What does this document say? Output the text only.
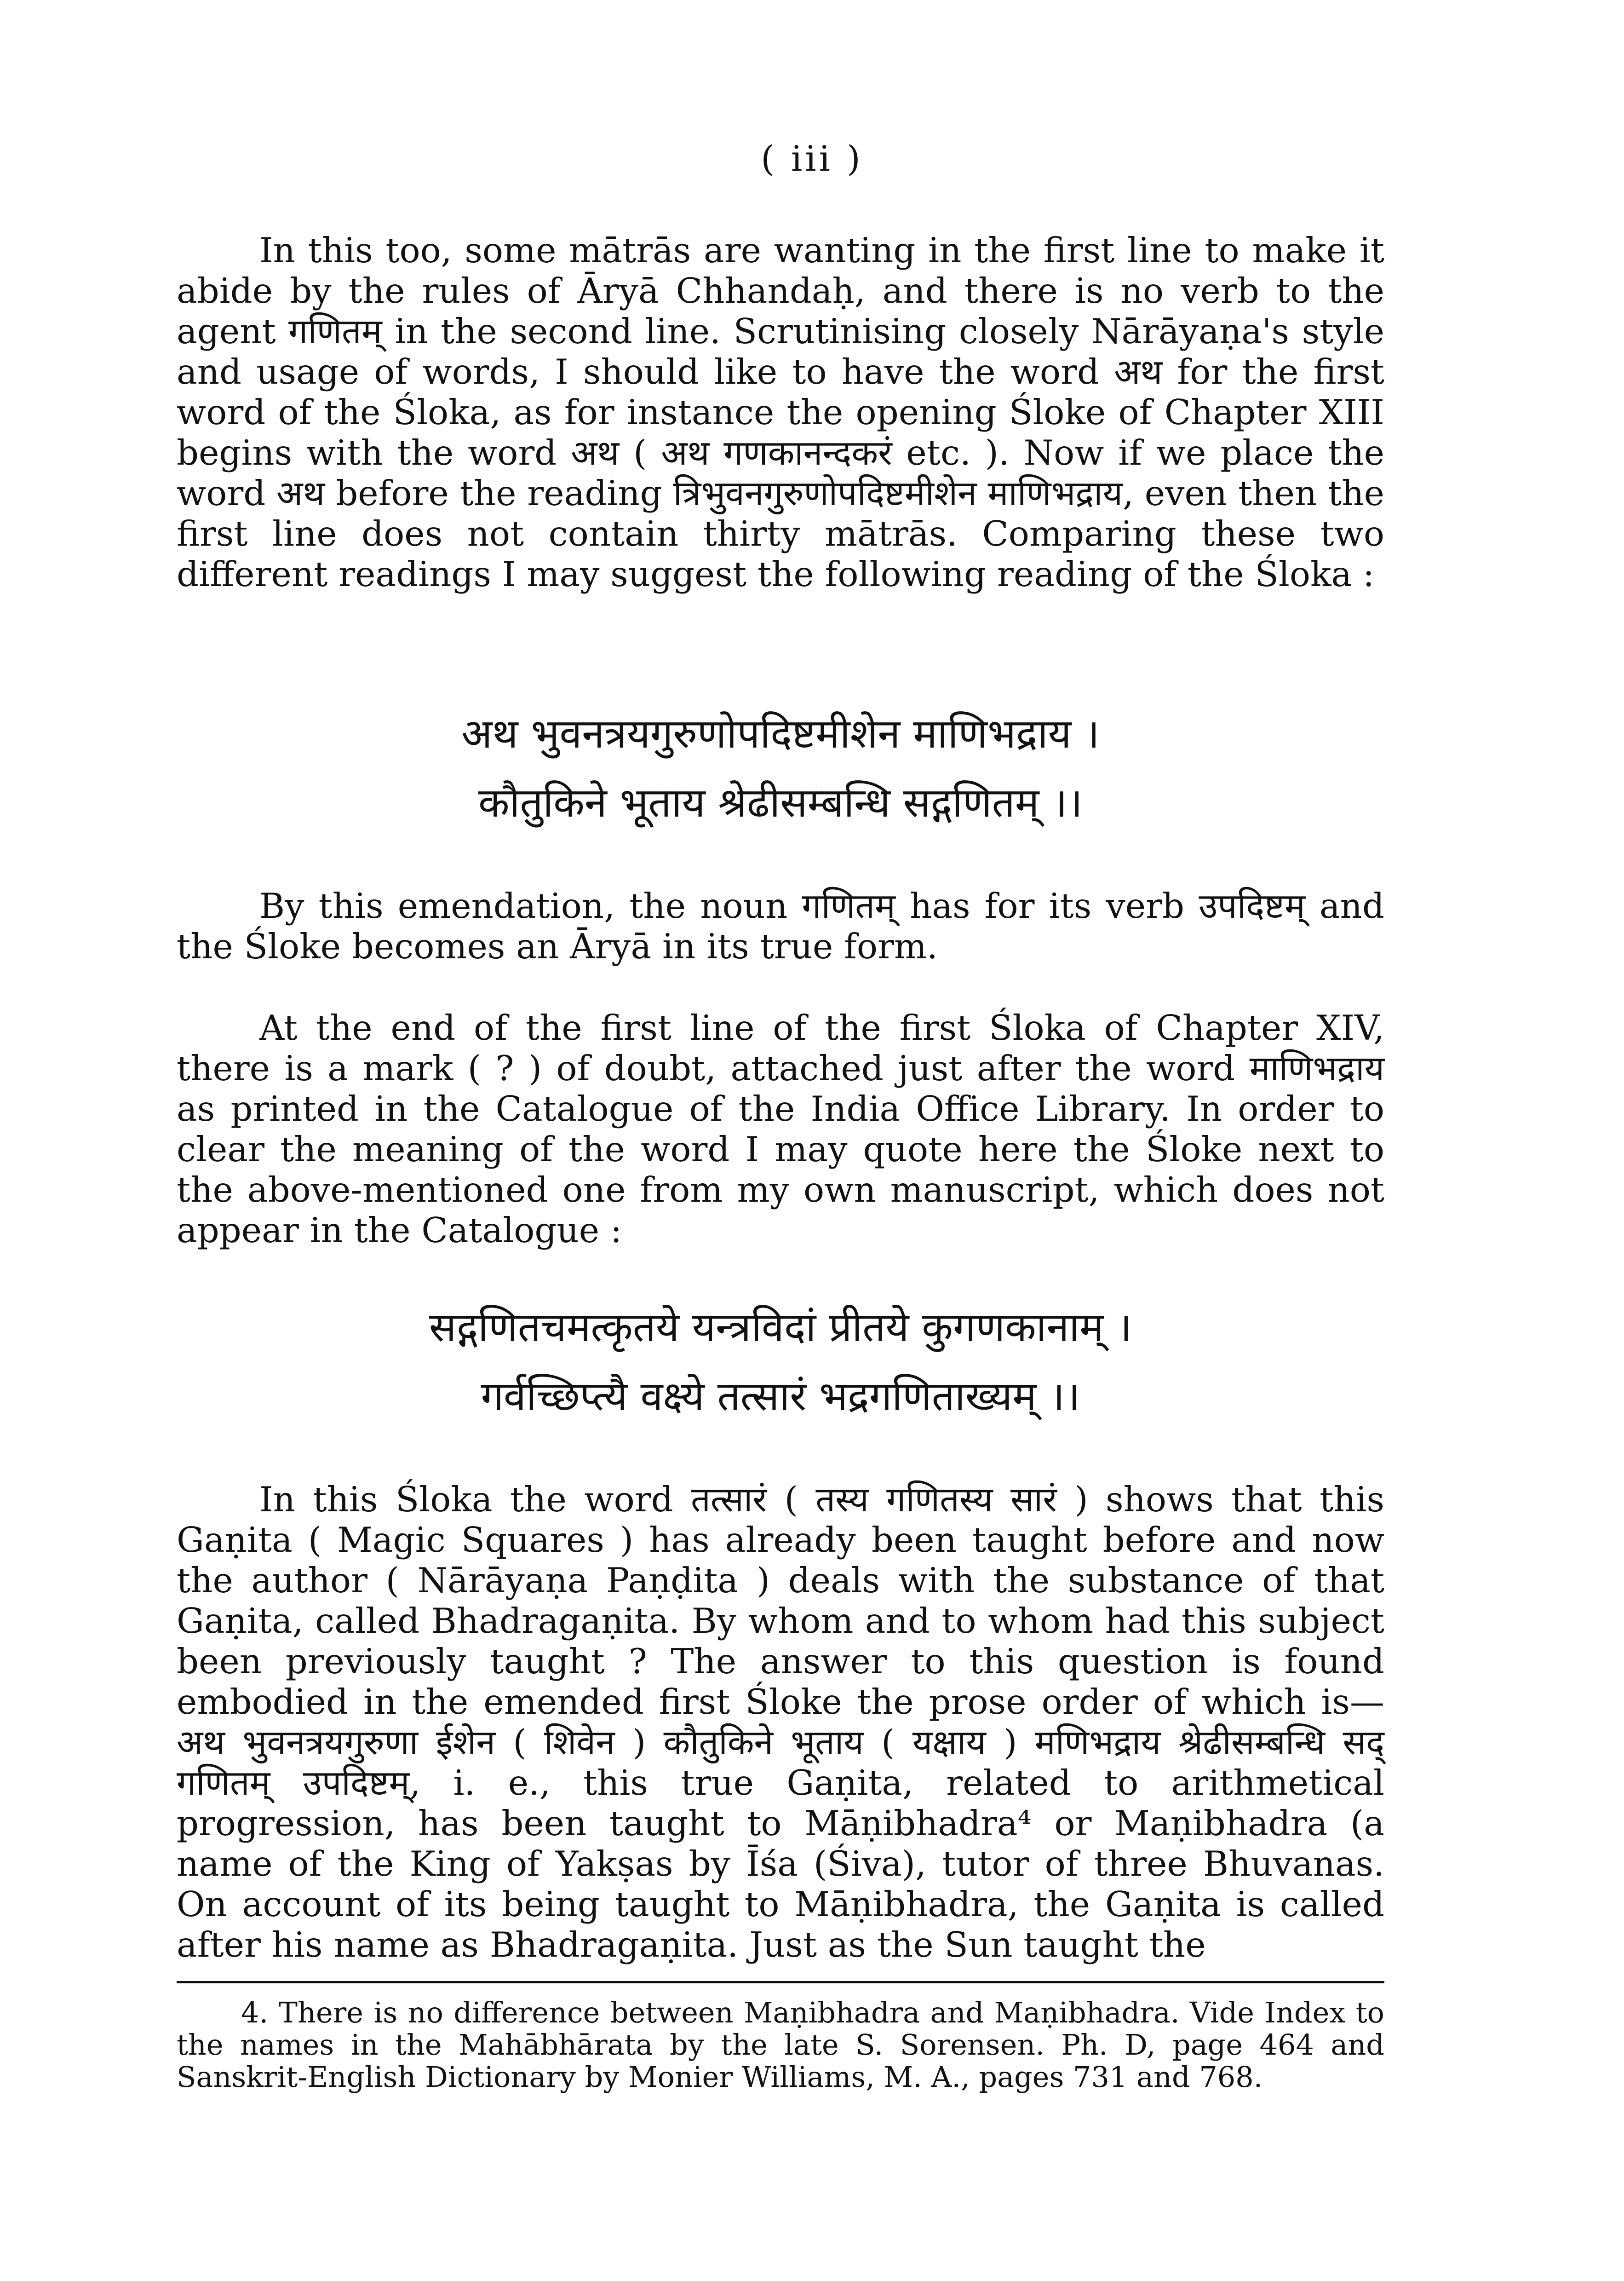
( iii )

In this too, some mātrās are wanting in the first line to make it abide by the rules of Āryā Chhandaḥ, and there is no verb to the agent गणितम् in the second line. Scrutinising closely Nārāyaṇa's style and usage of words, I should like to have the word अथ for the first word of the Śloka, as for instance the opening Śloke of Chapter XIII begins with the word अथ ( अथ गणकानन्दकरं etc. ). Now if we place the word अथ before the reading त्रिभुवनगुरुणोपदिष्टमीशेन माणिभद्राय, even then the first line does not contain thirty mātrās. Comparing these two different readings I may suggest the following reading of the Śloka :

अथ भुवनत्रयगुरुणोपदिष्टमीशेन माणिभद्राय ।
कौतुकिने भूताय श्रेढीसम्बन्धि सद्गणितम् ।।

By this emendation, the noun गणितम् has for its verb उपदिष्टम् and the Śloke becomes an Āryā in its true form.

At the end of the first line of the first Śloka of Chapter XIV, there is a mark ( ? ) of doubt, attached just after the word माणिभद्राय as printed in the Catalogue of the India Office Library. In order to clear the meaning of the word I may quote here the Śloke next to the above-mentioned one from my own manuscript, which does not appear in the Catalogue :

सद्गणितचमत्कृतये यन्त्रविदां प्रीतये कुगणकानाम् ।
गर्वच्छिप्त्यै वक्ष्ये तत्सारं भद्रगणिताख्यम् ।।

In this Śloka the word तत्सारं ( तस्य गणितस्य सारं ) shows that this Gaṇita ( Magic Squares ) has already been taught before and now the author ( Nārāyaṇa Paṇḍita ) deals with the substance of that Gaṇita, called Bhadragaṇita. By whom and to whom had this subject been previously taught ? The answer to this question is found embodied in the emended first Śloke the prose order of which is—अथ भुवनत्रयगुरुणा ईशेन ( शिवेन ) कौतुकिने भूताय ( यक्षाय ) मणिभद्राय श्रेढीसम्बन्धि सद् गणितम् उपदिष्टम्, i. e., this true Gaṇita, related to arithmetical progression, has been taught to Māṇibhadra⁴ or Maṇibhadra (a name of the King of Yakṣas by Īśa (Śiva), tutor of three Bhuvanas. On account of its being taught to Māṇibhadra, the Gaṇita is called after his name as Bhadragaṇita. Just as the Sun taught the

4. There is no difference between Maṇibhadra and Maṇibhadra. Vide Index to the names in the Mahābhārata by the late S. Sorensen. Ph. D, page 464 and Sanskrit-English Dictionary by Monier Williams, M. A., pages 731 and 768.
